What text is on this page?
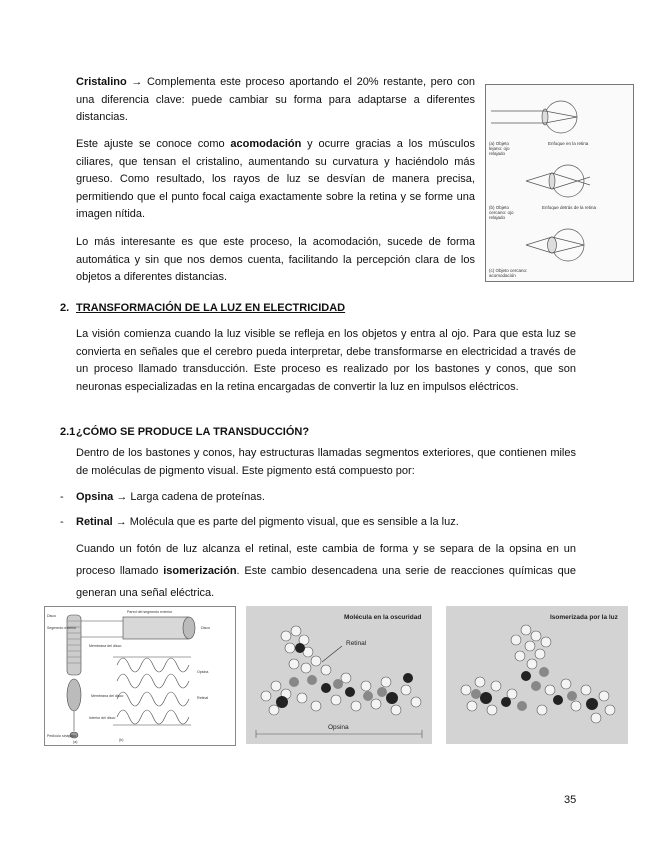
Cristalino → Complementa este proceso aportando el 20% restante, pero con una diferencia clave: puede cambiar su forma para adaptarse a diferentes distancias.

Este ajuste se conoce como acomodación y ocurre gracias a los músculos ciliares, que tensan el cristalino, aumentando su curvatura y haciéndolo más grueso. Como resultado, los rayos de luz se desvían de manera precisa, permitiendo que el punto focal caiga exactamente sobre la retina y se forme una imagen nítida.

Lo más interesante es que este proceso, la acomodación, sucede de forma automática y sin que nos demos cuenta, facilitando la percepción clara de los objetos a diferentes distancias.

(a) Objeto lejano: ojo relajado
Enfoque en la retina
(b) Objeto cercano: ojo relajado
Enfoque detrás de la retina
(c) Objeto cercano: acomodación
2. TRANSFORMACIÓN DE LA LUZ EN ELECTRICIDAD

La visión comienza cuando la luz visible se refleja en los objetos y entra al ojo. Para que esta luz se convierta en señales que el cerebro pueda interpretar, debe transformarse en electricidad a través de un proceso llamado transducción. Este proceso es realizado por los bastones y conos, que son neuronas especializadas en la retina encargadas de convertir la luz en impulsos eléctricos.

2.1 ¿CÓMO SE PRODUCE LA TRANSDUCCIÓN?

Dentro de los bastones y conos, hay estructuras llamadas segmentos exteriores, que contienen miles de moléculas de pigmento visual. Este pigmento está compuesto por:

- Opsina → Larga cadena de proteínas.

- Retinal → Molécula que es parte del pigmento visual, que es sensible a la luz.

Cuando un fotón de luz alcanza el retinal, este cambia de forma y se separa de la opsina en un proceso llamado isomerización. Este cambio desencadena una serie de reacciones químicas que generan una señal eléctrica.

Disco
Segmento exterior
Membrana del disco
Pared del segmento exterior
Disco
Opsina
Retinal
Membrana del disco
Interior del disco
Pedículo sináptico
(a)	(b)
Molécula en la oscuridad
Retinal
Opsina
Isomerizada por la luz
35
